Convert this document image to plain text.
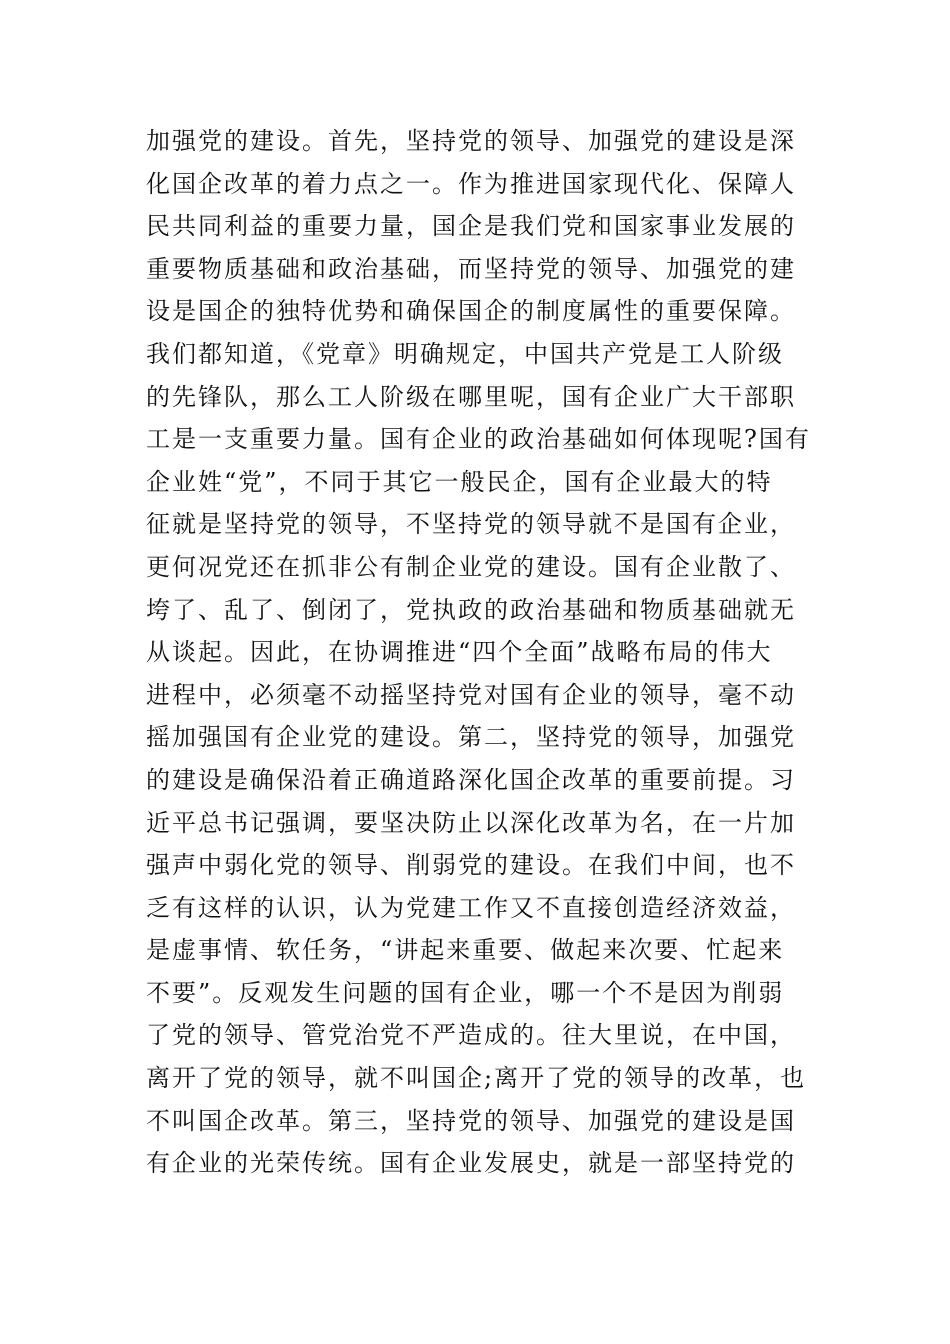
加强党的建设。首先，坚持党的领导、加强党的建设是深
化国企改革的着力点之一。作为推进国家现代化、保障人
民共同利益的重要力量，国企是我们党和国家事业发展的
重要物质基础和政治基础，而坚持党的领导、加强党的建
设是国企的独特优势和确保国企的制度属性的重要保障。
我们都知道，《党章》明确规定，中国共产党是工人阶级
的先锋队，那么工人阶级在哪里呢，国有企业广大干部职
工是一支重要力量。国有企业的政治基础如何体现呢?国有
企业姓“党”，不同于其它一般民企，国有企业最大的特
征就是坚持党的领导，不坚持党的领导就不是国有企业，
更何况党还在抓非公有制企业党的建设。国有企业散了、
垮了、乱了、倒闭了，党执政的政治基础和物质基础就无
从谈起。因此，在协调推进“四个全面”战略布局的伟大
进程中，必须毫不动摇坚持党对国有企业的领导，毫不动
摇加强国有企业党的建设。第二，坚持党的领导，加强党
的建设是确保沿着正确道路深化国企改革的重要前提。习
近平总书记强调，要坚决防止以深化改革为名，在一片加
强声中弱化党的领导、削弱党的建设。在我们中间，也不
乏有这样的认识，认为党建工作又不直接创造经济效益，
是虚事情、软任务，“讲起来重要、做起来次要、忙起来
不要”。反观发生问题的国有企业，哪一个不是因为削弱
了党的领导、管党治党不严造成的。往大里说，在中国，
离开了党的领导，就不叫国企;离开了党的领导的改革，也
不叫国企改革。第三，坚持党的领导、加强党的建设是国
有企业的光荣传统。国有企业发展史，就是一部坚持党的
